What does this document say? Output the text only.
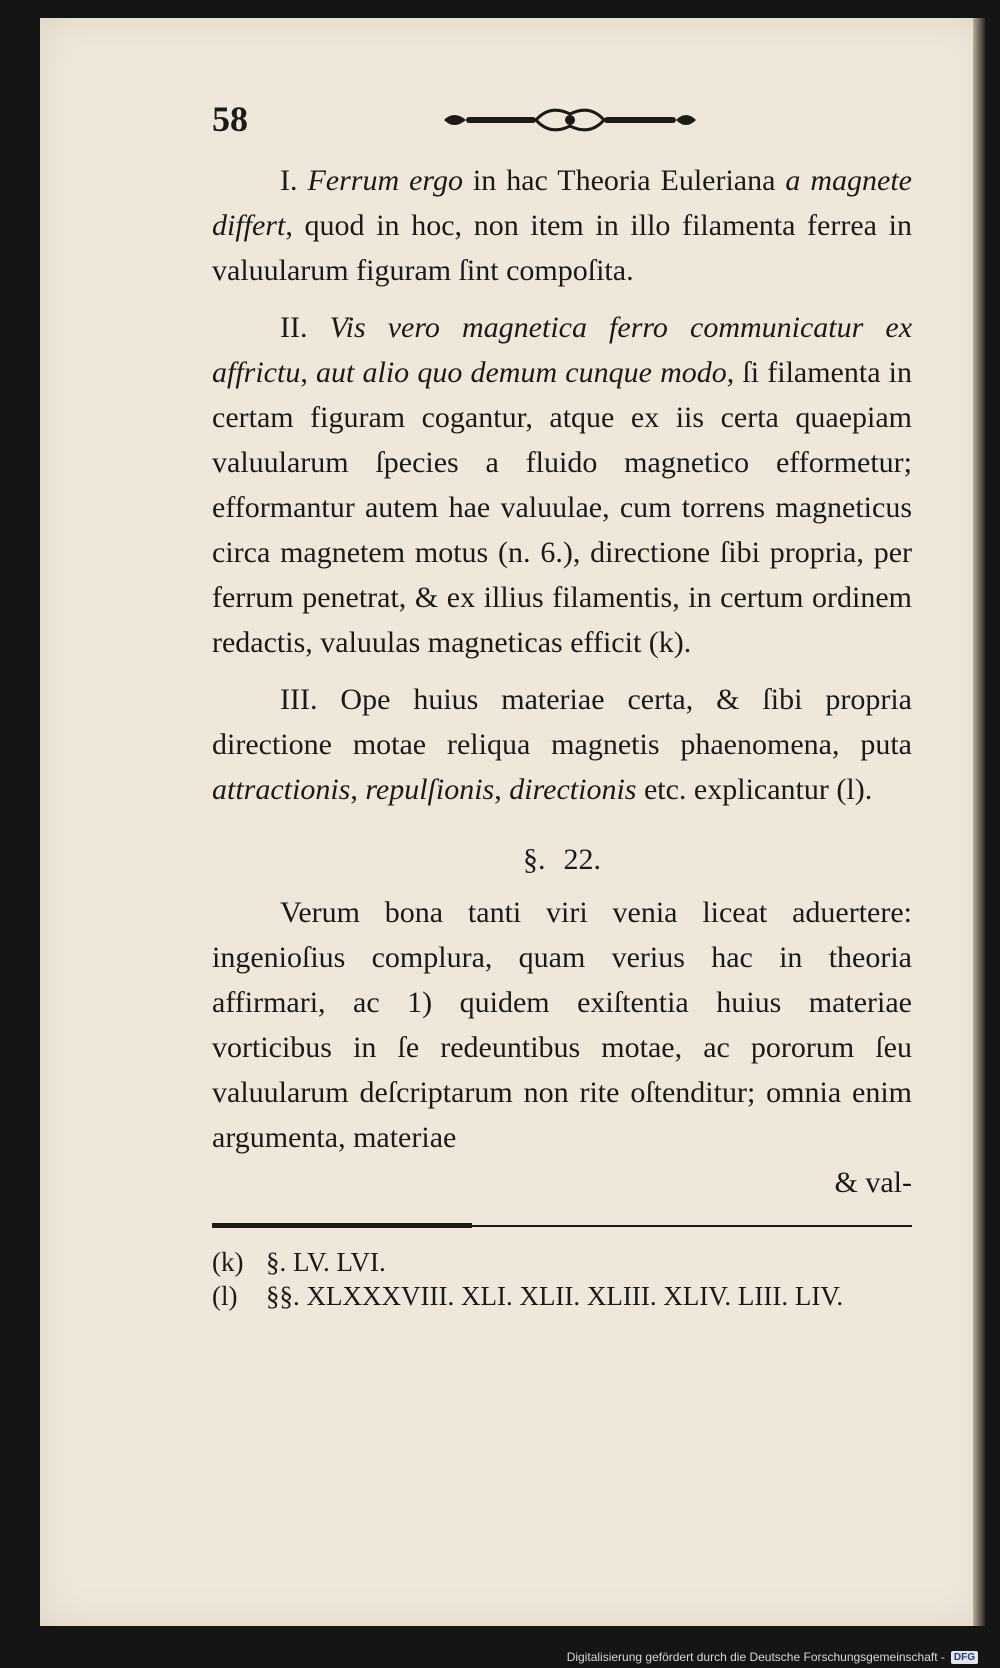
58

I. Ferrum ergo in hac Theoria Euleriana a magnete differt, quod in hoc, non item in illo filamenta ferrea in valuularum figuram ſint compoſita.

II. Vis vero magnetica ferro communicatur ex affrictu, aut alio quo demum cunque modo, ſi filamenta in certam figuram cogantur, atque ex iis certa quaepiam valuularum ſpecies a fluido magnetico efformetur; efformantur autem hae valuulae, cum torrens magneticus circa magnetem motus (n. 6.), directione ſibi propria, per ferrum penetrat, & ex illius filamentis, in certum ordinem redactis, valuulas magneticas efficit (k).

III. Ope huius materiae certa, & ſibi propria directione motae reliqua magnetis phaenomena, puta attractionis, repulſionis, directionis etc. explicantur (l).

§. 22.

Verum bona tanti viri venia liceat aduertere: ingenioſius complura, quam verius hac in theoria affirmari, ac 1) quidem exiſtentia huius materiae vorticibus in ſe redeuntibus motae, ac pororum ſeu valuularum deſcriptarum non rite oſtenditur; omnia enim argumenta, materiae

& val-

(k) §. LV. LVI.
(l)	§§. XLXXXVIII. XLI. XLII. XLIII. XLIV. LIII. LIV.
Digitalisierung gefördert durch die Deutsche Forschungsgemeinschaft - DFG
